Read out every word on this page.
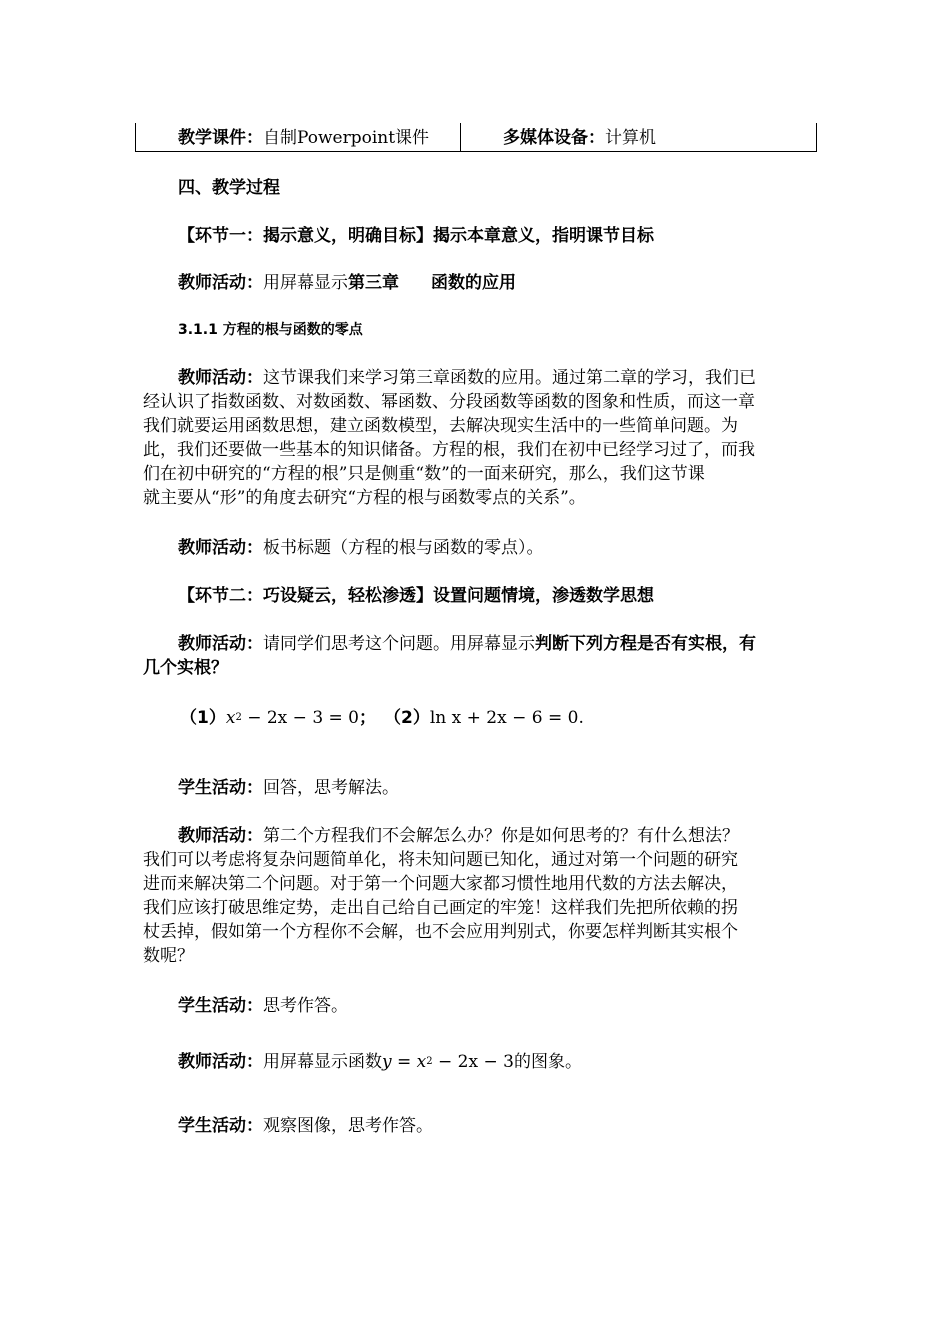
教学课件：自制Powerpoint课件	多媒体设备：计算机
四、教学过程
【环节一：揭示意义，明确目标】揭示本章意义，指明课节目标
教师活动：用屏幕显示第三章 函数的应用
3.1.1 方程的根与函数的零点
教师活动：这节课我们来学习第三章函数的应用。通过第二章的学习，我们已
经认识了指数函数、对数函数、幂函数、分段函数等函数的图象和性质，而这一章
我们就要运用函数思想，建立函数模型，去解决现实生活中的一些简单问题。为
此，我们还要做一些基本的知识储备。方程的根，我们在初中已经学习过了，而我
们在初中研究的“方程的根”只是侧重“数”的一面来研究，那么，我们这节课
就主要从“形”的角度去研究“方程的根与函数零点的关系”。
教师活动：板书标题（方程的根与函数的零点）。
【环节二：巧设疑云，轻松渗透】设置问题情境，渗透数学思想
教师活动：请同学们思考这个问题。用屏幕显示判断下列方程是否有实根，有
几个实根？
$(1)x^2 - 2x - 3 = 0$； （2）ln x + 2x − 6 = 0.
学生活动：回答，思考解法。
教师活动：第二个方程我们不会解怎么办？你是如何思考的？有什么想法？
我们可以考虑将复杂问题简单化，将未知问题已知化，通过对第一个问题的研究
进而来解决第二个问题。对于第一个问题大家都习惯性地用代数的方法去解决，
我们应该打破思维定势，走出自己给自己画定的牢笼！这样我们先把所依赖的拐
杖丢掉，假如第一个方程你不会解，也不会应用判别式，你要怎样判断其实根个
数呢？
学生活动：思考作答。
教师活动：用屏幕显示函数$y = x^2 - 2x - 3$的图象。
学生活动：观察图像，思考作答。
